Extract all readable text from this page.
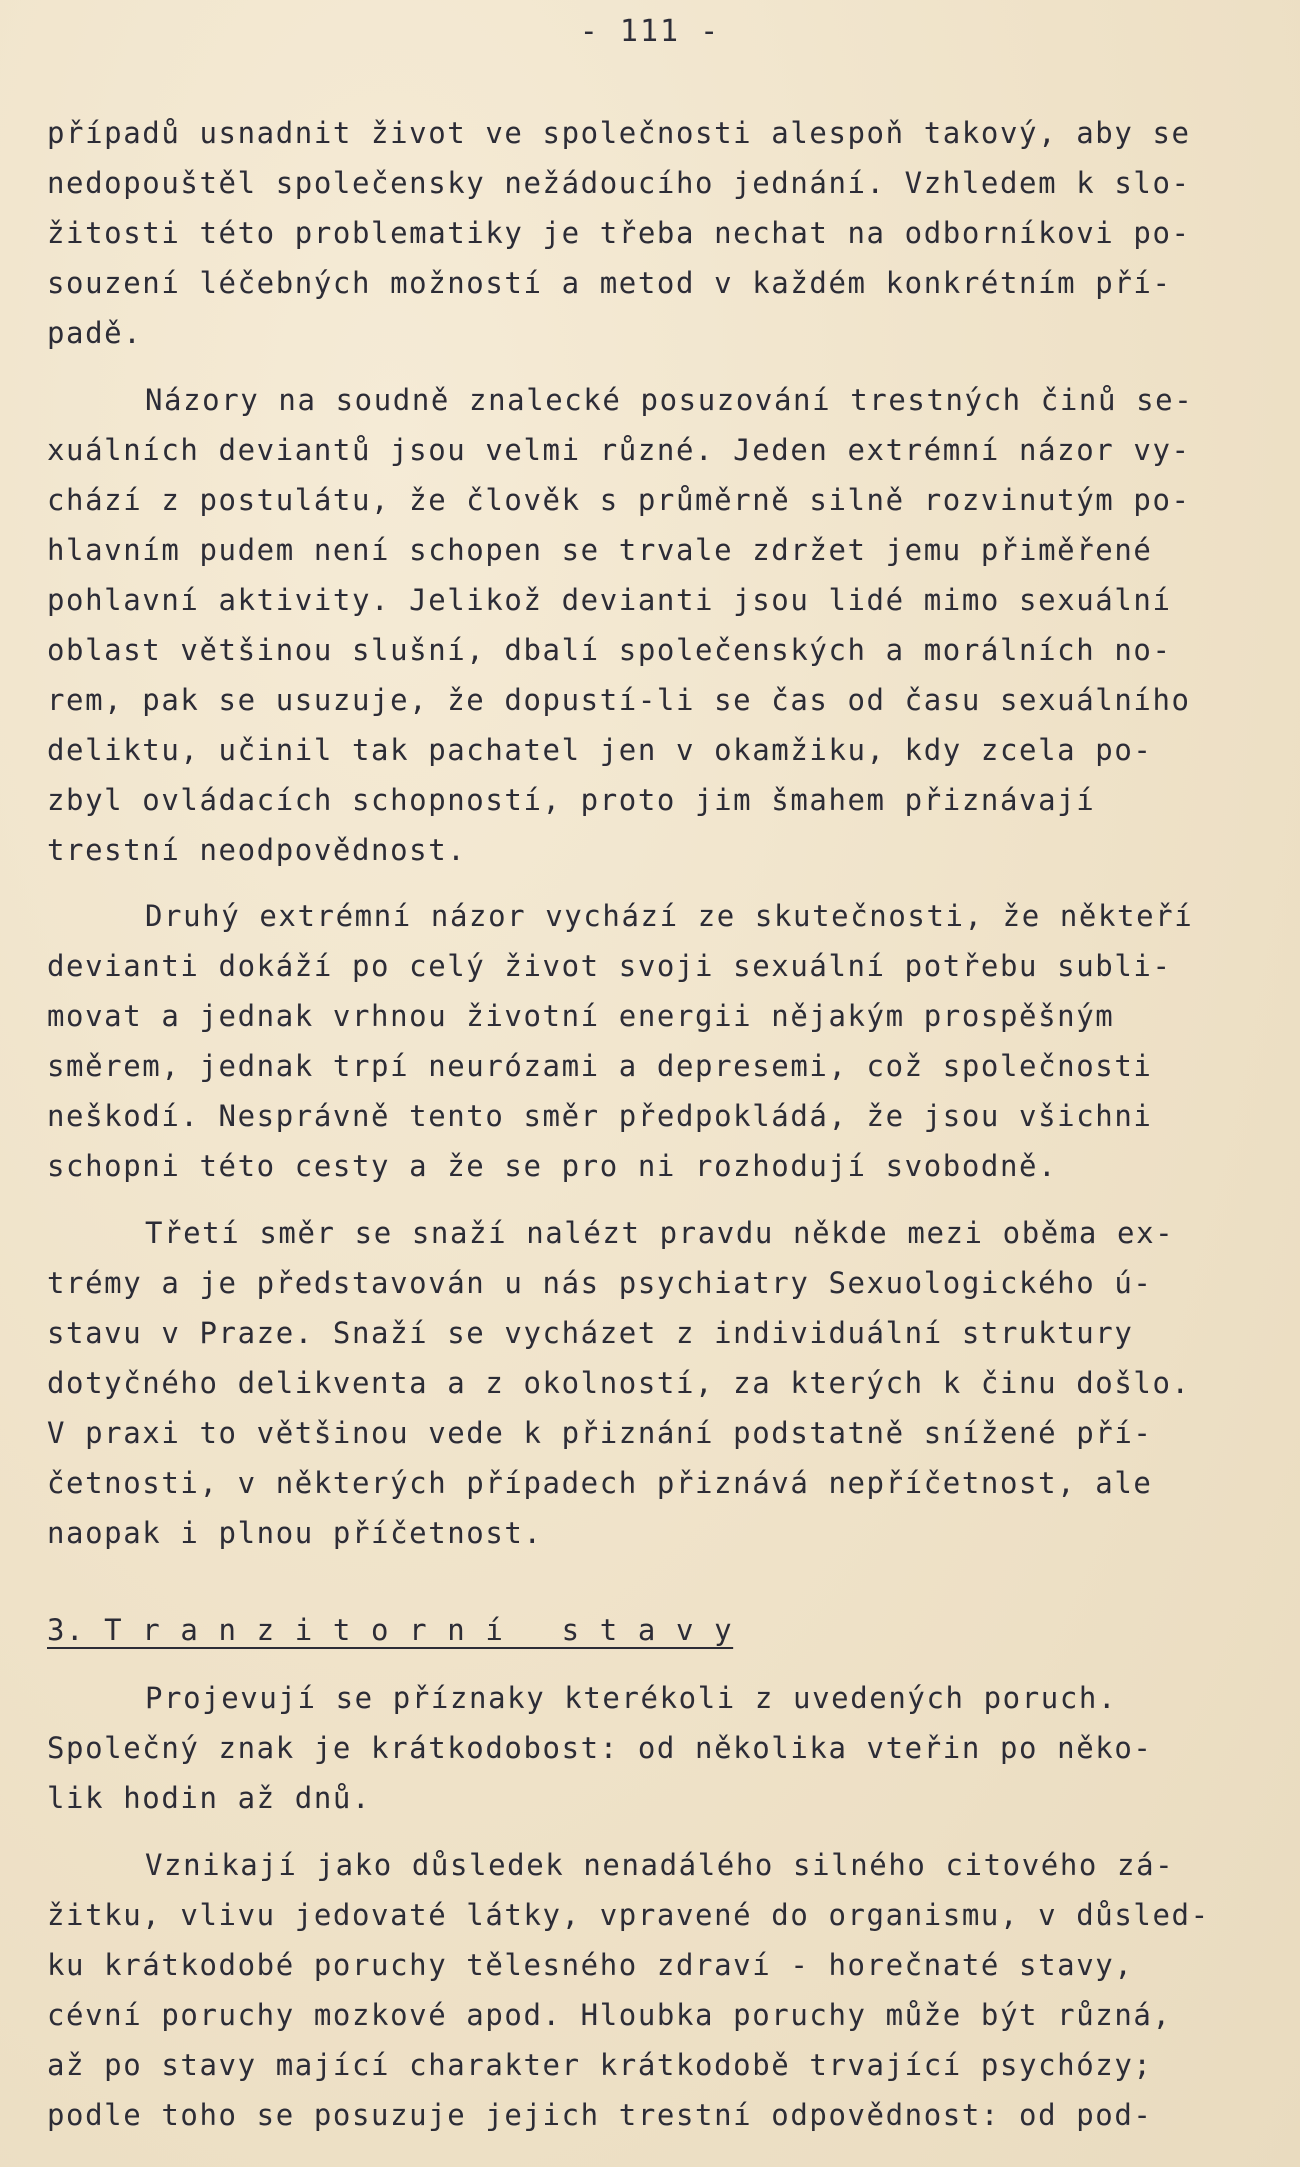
- 111 -
případů usnadnit život ve společnosti alespoň takový, aby se
nedopouštěl společensky nežádoucího jednání. Vzhledem k slo-
žitosti této problematiky je třeba nechat na odborníkovi po-
souzení léčebných možností a metod v každém konkrétním pří-
padě.
Názory na soudně znalecké posuzování trestných činů se-
xuálních deviantů jsou velmi různé. Jeden extrémní názor vy-
chází z postulátu, že člověk s průměrně silně rozvinutým po-
hlavním pudem není schopen se trvale zdržet jemu přiměřené
pohlavní aktivity. Jelikož devianti jsou lidé mimo sexuální
oblast většinou slušní, dbalí společenských a morálních no-
rem, pak se usuzuje, že dopustí-li se čas od času sexuálního
deliktu, učinil tak pachatel jen v okamžiku, kdy zcela po-
zbyl ovládacích schopností, proto jim šmahem přiznávají
trestní neodpovědnost.
Druhý extrémní názor vychází ze skutečnosti, že někteří
devianti dokáží po celý život svoji sexuální potřebu subli-
movat a jednak vrhnou životní energii nějakým prospěšným
směrem, jednak trpí neurózami a depresemi, což společnosti
neškodí. Nesprávně tento směr předpokládá, že jsou všichni
schopni této cesty a že se pro ni rozhodují svobodně.
Třetí směr se snaží nalézt pravdu někde mezi oběma ex-
trémy a je představován u nás psychiatry Sexuologického ú-
stavu v Praze. Snaží se vycházet z individuální struktury
dotyčného delikventa a z okolností, za kterých k činu došlo.
V praxi to většinou vede k přiznání podstatně snížené pří-
četnosti, v některých případech přiznává nepříčetnost, ale
naopak i plnou příčetnost.
3. T r a n z i t o r n í   s t a v y
Projevují se příznaky kterékoli z uvedených poruch.
Společný znak je krátkodobost: od několika vteřin po něko-
lik hodin až dnů.
Vznikají jako důsledek nenadálého silného citového zá-
žitku, vlivu jedovaté látky, vpravené do organismu, v důsled-
ku krátkodobé poruchy tělesného zdraví - horečnaté stavy,
cévní poruchy mozkové apod. Hloubka poruchy může být různá,
až po stavy mající charakter krátkodobě trvající psychózy;
podle toho se posuzuje jejich trestní odpovědnost: od pod-
